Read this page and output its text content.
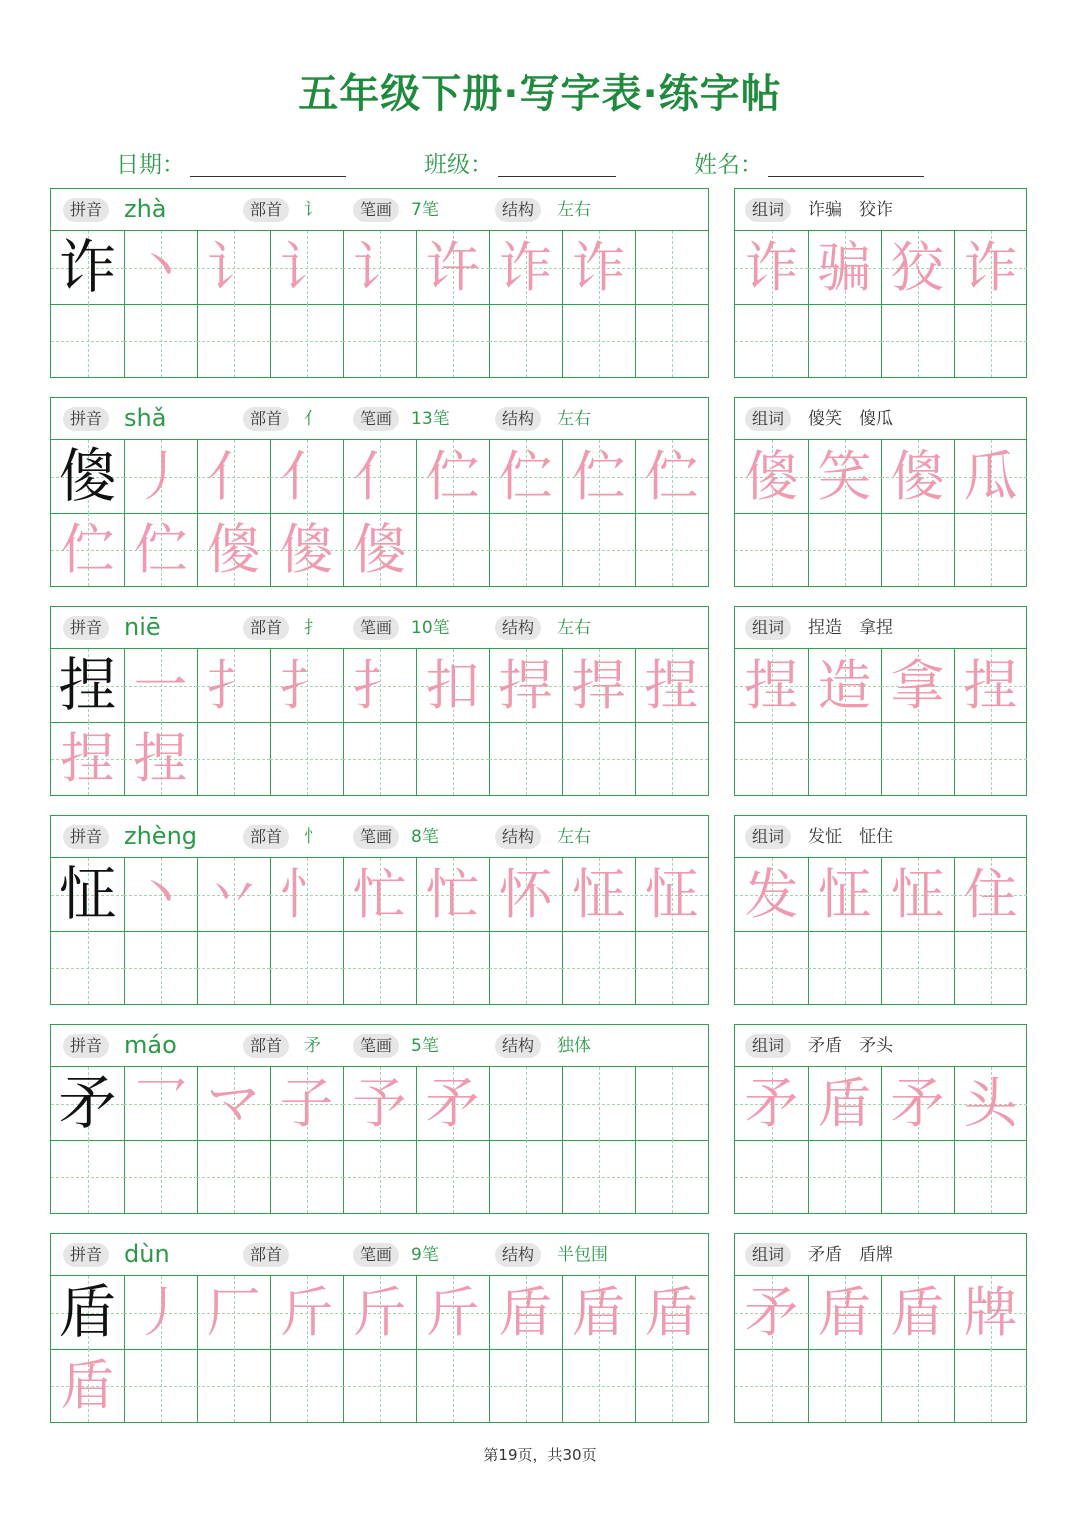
五年级下册·写字表·练字帖
日期：	班级：	姓名：
拼音 zhà	部首	讠	笔画	7笔	结构	左右
诈 丶 讠 讠 讠 许 诈 诈
组词	诈骗　狡诈
诈 骗 狡 诈
拼音 shǎ	部首	亻	笔画	13笔	结构	左右
傻 丿 亻 亻 亻 伫 伫 伫 伫
伫 伫 傻 傻 傻
组词	傻笑　傻瓜
傻 笑 傻 瓜
拼音 niē	部首	扌	笔画	10笔	结构	左右
捏 一 扌 扌 扌 扣 捍 捍 捏
捏 捏
组词	捏造　拿捏
捏 造 拿 捏
拼音 zhèng	部首	忄	笔画	8笔	结构	左右
怔 丶 丷 忄 忙 忙 怀 怔 怔
组词	发怔　怔住
发 怔 怔 住
拼音 máo	部首	矛	笔画	5笔	结构	独体
矛 乛 マ 子 予 矛
组词	矛盾　矛头
矛 盾 矛 头
拼音 dùn	部首	笔画	9笔	结构	半包围
盾 丿 厂 斤 斤 斤 盾 盾 盾
盾
组词	矛盾　盾牌
矛 盾 盾 牌
第19页，共30页
